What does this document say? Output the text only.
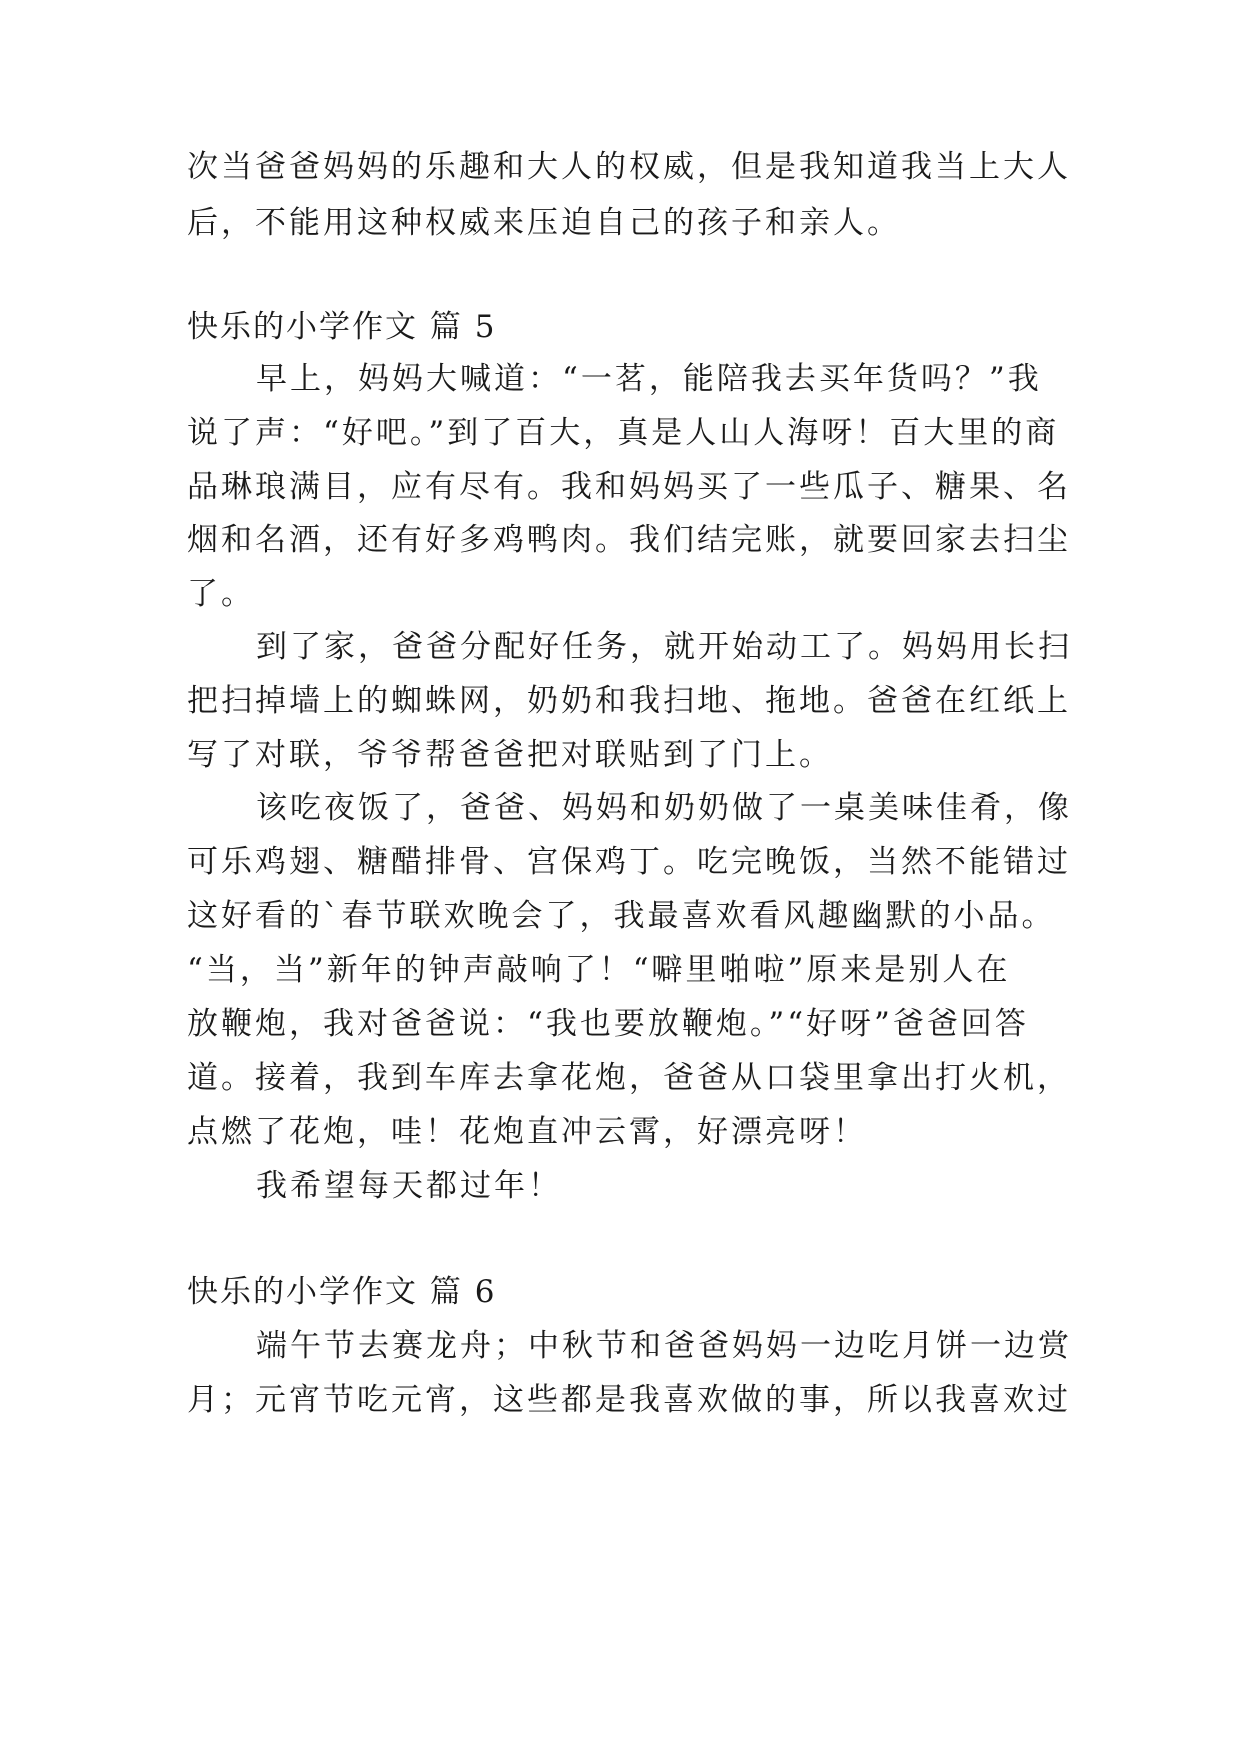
次当爸爸妈妈的乐趣和大人的权威，但是我知道我当上大人
后，不能用这种权威来压迫自己的孩子和亲人。
快乐的小学作文 篇 5
早上，妈妈大喊道：“一茗，能陪我去买年货吗？”我
说了声：“好吧。”到了百大，真是人山人海呀！百大里的商
品琳琅满目，应有尽有。我和妈妈买了一些瓜子、糖果、名
烟和名酒，还有好多鸡鸭肉。我们结完账，就要回家去扫尘
了。
到了家，爸爸分配好任务，就开始动工了。妈妈用长扫
把扫掉墙上的蜘蛛网，奶奶和我扫地、拖地。爸爸在红纸上
写了对联，爷爷帮爸爸把对联贴到了门上。
该吃夜饭了，爸爸、妈妈和奶奶做了一桌美味佳肴，像
可乐鸡翅、糖醋排骨、宫保鸡丁。吃完晚饭，当然不能错过
这好看的`春节联欢晚会了，我最喜欢看风趣幽默的小品。
“当，当”新年的钟声敲响了！“噼里啪啦”原来是别人在
放鞭炮，我对爸爸说：“我也要放鞭炮。”“好呀”爸爸回答
道。接着，我到车库去拿花炮，爸爸从口袋里拿出打火机，
点燃了花炮，哇！花炮直冲云霄，好漂亮呀！
我希望每天都过年！
快乐的小学作文 篇 6
端午节去赛龙舟；中秋节和爸爸妈妈一边吃月饼一边赏
月；元宵节吃元宵，这些都是我喜欢做的事，所以我喜欢过
